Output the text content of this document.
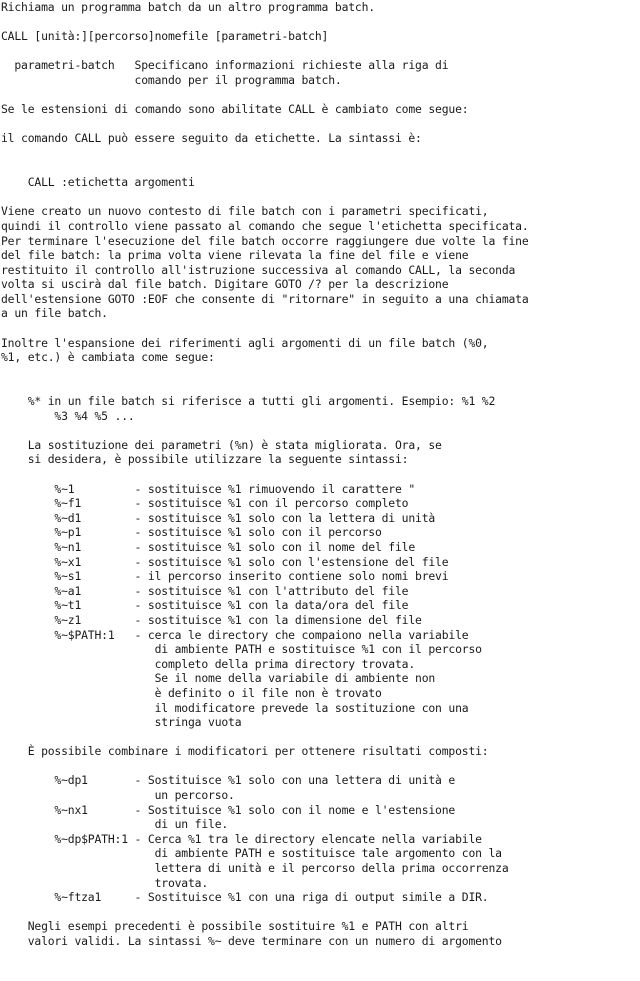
Richiama un programma batch da un altro programma batch.
CALL [unità:][percorso]nomefile [parametri-batch]
parametri-batch   Specificano informazioni richieste alla riga di
comando per il programma batch.
Se le estensioni di comando sono abilitate CALL è cambiato come segue:
il comando CALL può essere seguito da etichette. La sintassi è:
CALL :etichetta argomenti
Viene creato un nuovo contesto di file batch con i parametri specificati,
quindi il controllo viene passato al comando che segue l'etichetta specificata.
Per terminare l'esecuzione del file batch occorre raggiungere due volte la fine
del file batch: la prima volta viene rilevata la fine del file e viene
restituito il controllo all'istruzione successiva al comando CALL, la seconda
volta si uscirà dal file batch. Digitare GOTO /? per la descrizione
dell'estensione GOTO :EOF che consente di "ritornare" in seguito a una chiamata
a un file batch.
Inoltre l'espansione dei riferimenti agli argomenti di un file batch (%0,
%1, etc.) è cambiata come segue:
%* in un file batch si riferisce a tutti gli argomenti. Esempio: %1 %2
%3 %4 %5 ...
La sostituzione dei parametri (%n) è stata migliorata. Ora, se
si desidera, è possibile utilizzare la seguente sintassi:
%~1         - sostituisce %1 rimuovendo il carattere "
%~f1        - sostituisce %1 con il percorso completo
%~d1        - sostituisce %1 solo con la lettera di unità
%~p1        - sostituisce %1 solo con il percorso
%~n1        - sostituisce %1 solo con il nome del file
%~x1        - sostituisce %1 solo con l'estensione del file
%~s1        - il percorso inserito contiene solo nomi brevi
%~a1        - sostituisce %1 con l'attributo del file
%~t1        - sostituisce %1 con la data/ora del file
%~z1        - sostituisce %1 con la dimensione del file
%~$PATH:1   - cerca le directory che compaiono nella variabile
di ambiente PATH e sostituisce %1 con il percorso
completo della prima directory trovata.
Se il nome della variabile di ambiente non
è definito o il file non è trovato
il modificatore prevede la sostituzione con una
stringa vuota
È possibile combinare i modificatori per ottenere risultati composti:
%~dp1       - Sostituisce %1 solo con una lettera di unità e
un percorso.
%~nx1       - Sostituisce %1 solo con il nome e l'estensione
di un file.
%~dp$PATH:1 - Cerca %1 tra le directory elencate nella variabile
di ambiente PATH e sostituisce tale argomento con la
lettera di unità e il percorso della prima occorrenza
trovata.
%~ftza1     - Sostituisce %1 con una riga di output simile a DIR.
Negli esempi precedenti è possibile sostituire %1 e PATH con altri
valori validi. La sintassi %~ deve terminare con un numero di argomento
